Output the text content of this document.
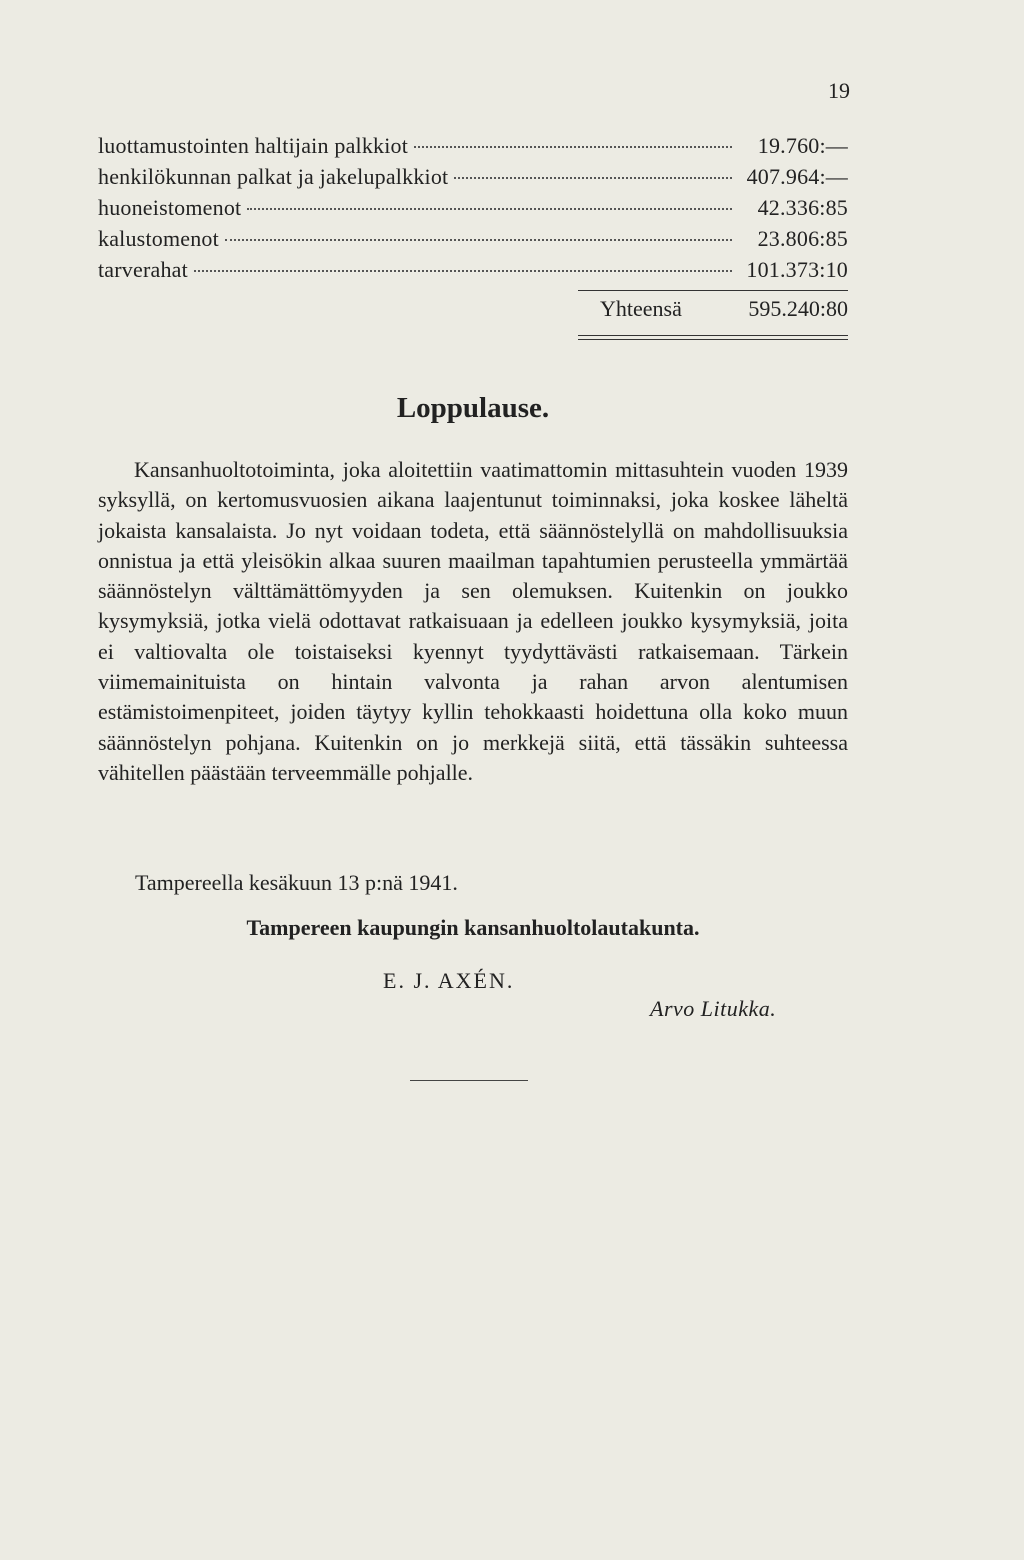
19
luottamustointen haltijain palkkiot	19.760:—
henkilökunnan palkat ja jakelupalkkiot	407.964:—
huoneistomenot	42.336:85
kalustomenot	23.806:85
tarverahat	101.373:10
Yhteensä	595.240:80
Loppulause.

Kansanhuoltotoiminta, joka aloitettiin vaatimattomin mittasuhtein vuoden 1939 syksyllä, on kertomusvuosien aikana laajentunut toiminnaksi, joka koskee läheltä jokaista kansalaista. Jo nyt voidaan todeta, että säännöstelyllä on mahdollisuuksia onnistua ja että yleisökin alkaa suuren maailman tapahtumien perusteella ymmärtää säännöstelyn välttämättömyyden ja sen olemuksen. Kuitenkin on joukko kysymyksiä, jotka vielä odottavat ratkaisuaan ja edelleen joukko kysymyksiä, joita ei valtiovalta ole toistaiseksi kyennyt tyydyttävästi ratkaisemaan. Tärkein viimemainituista on hintain valvonta ja rahan arvon alentumisen estämistoimenpiteet, joiden täytyy kyllin tehokkaasti hoidettuna olla koko muun säännöstelyn pohjana. Kuitenkin on jo merkkejä siitä, että tässäkin suhteessa vähitellen päästään terveemmälle pohjalle.

Tampereella kesäkuun 13 p:nä 1941.
Tampereen kaupungin kansanhuoltolautakunta.
E. J. AXÉN.
Arvo Litukka.
